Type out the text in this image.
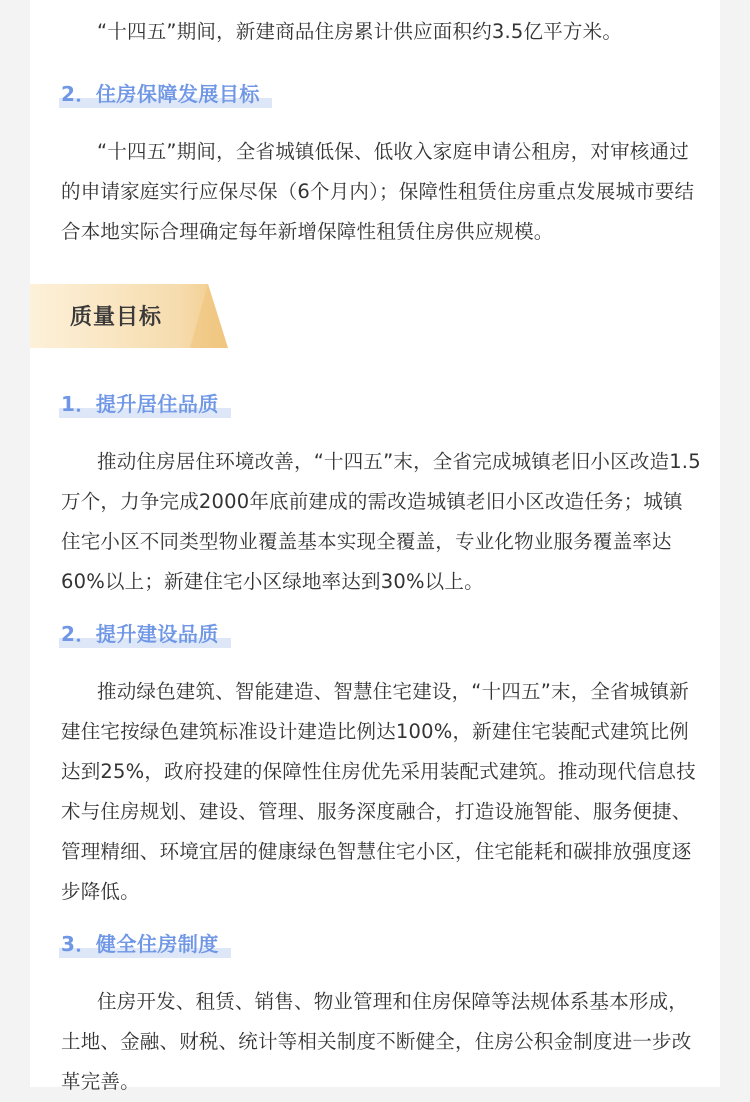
“十四五”期间，新建商品住房累计供应面积约3.5亿平方米。

2．住房保障发展目标

“十四五”期间，全省城镇低保、低收入家庭申请公租房，对审核通过的申请家庭实行应保尽保（6个月内）；保障性租赁住房重点发展城市要结合本地实际合理确定每年新增保障性租赁住房供应规模。

质量目标
1．提升居住品质

推动住房居住环境改善，“十四五”末，全省完成城镇老旧小区改造1.5万个，力争完成2000年底前建成的需改造城镇老旧小区改造任务；城镇住宅小区不同类型物业覆盖基本实现全覆盖，专业化物业服务覆盖率达60%以上；新建住宅小区绿地率达到30%以上。

2．提升建设品质

推动绿色建筑、智能建造、智慧住宅建设，“十四五”末，全省城镇新建住宅按绿色建筑标准设计建造比例达100%，新建住宅装配式建筑比例达到25%，政府投建的保障性住房优先采用装配式建筑。推动现代信息技术与住房规划、建设、管理、服务深度融合，打造设施智能、服务便捷、管理精细、环境宜居的健康绿色智慧住宅小区，住宅能耗和碳排放强度逐步降低。

3．健全住房制度

住房开发、租赁、销售、物业管理和住房保障等法规体系基本形成，土地、金融、财税、统计等相关制度不断健全，住房公积金制度进一步改革完善。
